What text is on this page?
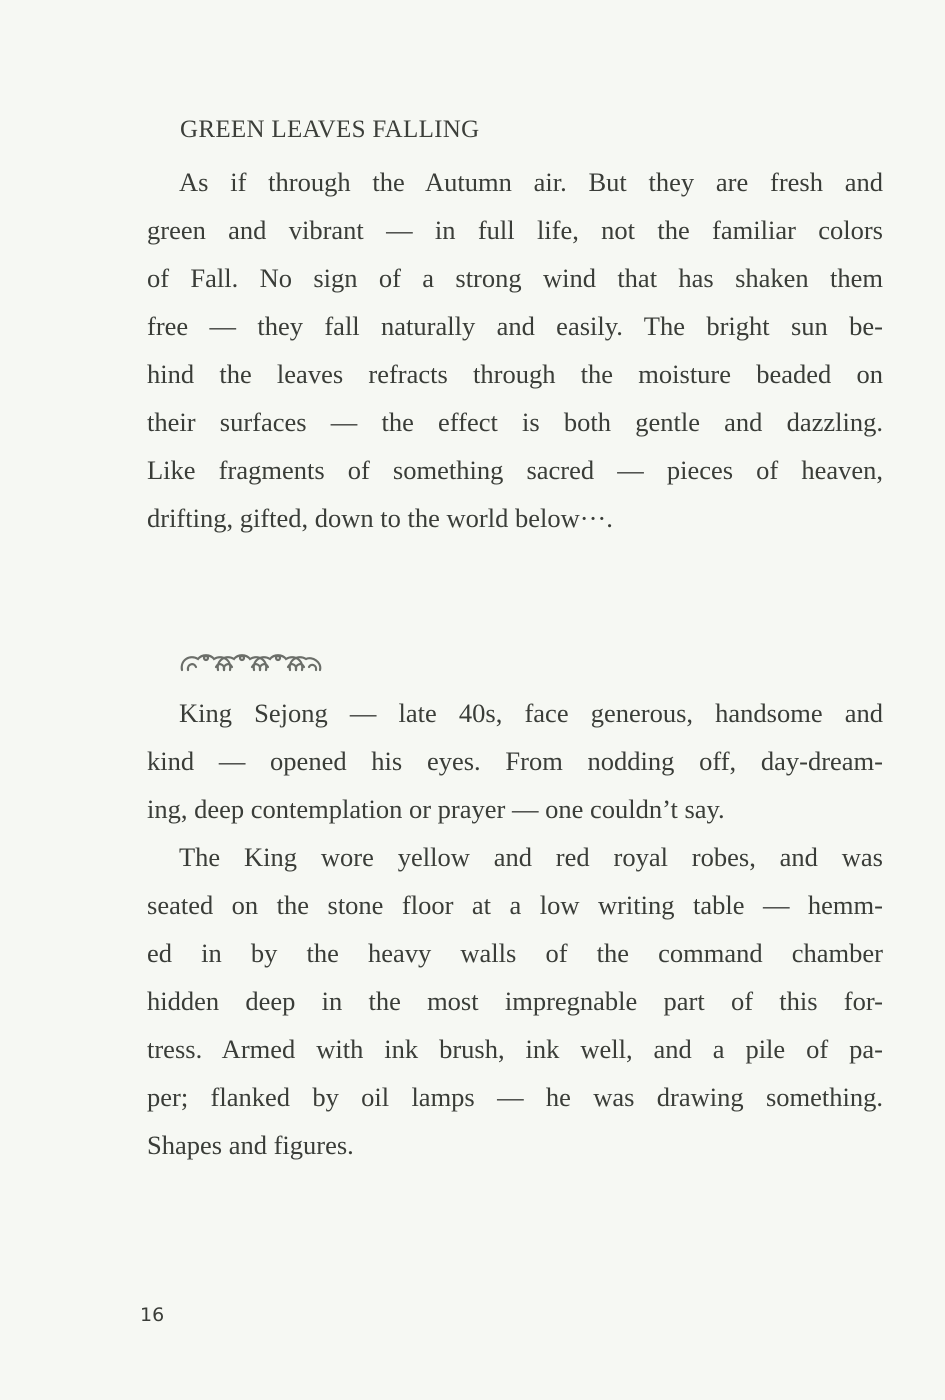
GREEN LEAVES FALLING
As if through the Autumn air. But they are fresh and
green and vibrant — in full life, not the familiar colors
of Fall. No sign of a strong wind that has shaken them
free — they fall naturally and easily. The bright sun be-
hind the leaves refracts through the moisture beaded on
their surfaces — the effect is both gentle and dazzling.
Like fragments of something sacred — pieces of heaven,
drifting, gifted, down to the world below···.
King Sejong — late 40s, face generous, handsome and
kind — opened his eyes. From nodding off, day-dream-
ing, deep contemplation or prayer — one couldn’t say.
The King wore yellow and red royal robes, and was
seated on the stone floor at a low writing table — hemm-
ed in by the heavy walls of the command chamber
hidden deep in the most impregnable part of this for-
tress. Armed with ink brush, ink well, and a pile of pa-
per; flanked by oil lamps — he was drawing something.
Shapes and figures.
16
